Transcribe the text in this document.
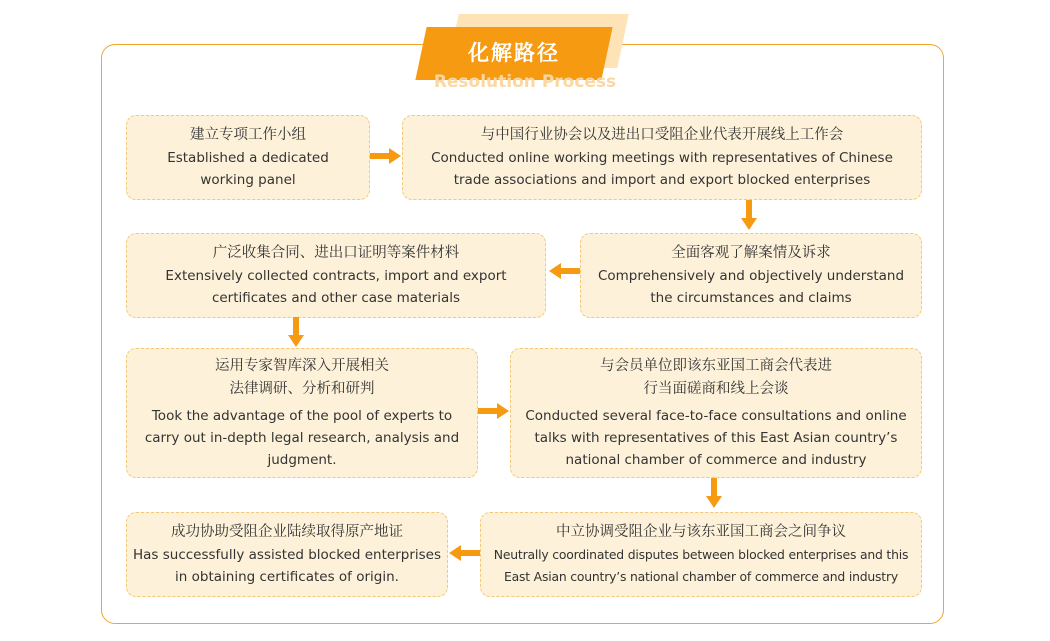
化解路径
Resolution Process
建立专项工作小组
Established a dedicated
working panel
与中国行业协会以及进出口受阻企业代表开展线上工作会
Conducted online working meetings with representatives of Chinese
trade associations and import and export blocked enterprises
全面客观了解案情及诉求
Comprehensively and objectively understand
the circumstances and claims
广泛收集合同、进出口证明等案件材料
Extensively collected contracts, import and export
certificates and other case materials
运用专家智库深入开展相关
法律调研、分析和研判
Took the advantage of the pool of experts to
carry out in-depth legal research, analysis and
judgment.
与会员单位即该东亚国工商会代表进
行当面磋商和线上会谈
Conducted several face-to-face consultations and online
talks with representatives of this East Asian country’s
national chamber of commerce and industry
中立协调受阻企业与该东亚国工商会之间争议
Neutrally coordinated disputes between blocked enterprises and this
East Asian country’s national chamber of commerce and industry
成功协助受阻企业陆续取得原产地证
Has successfully assisted blocked enterprises
in obtaining certificates of origin.
